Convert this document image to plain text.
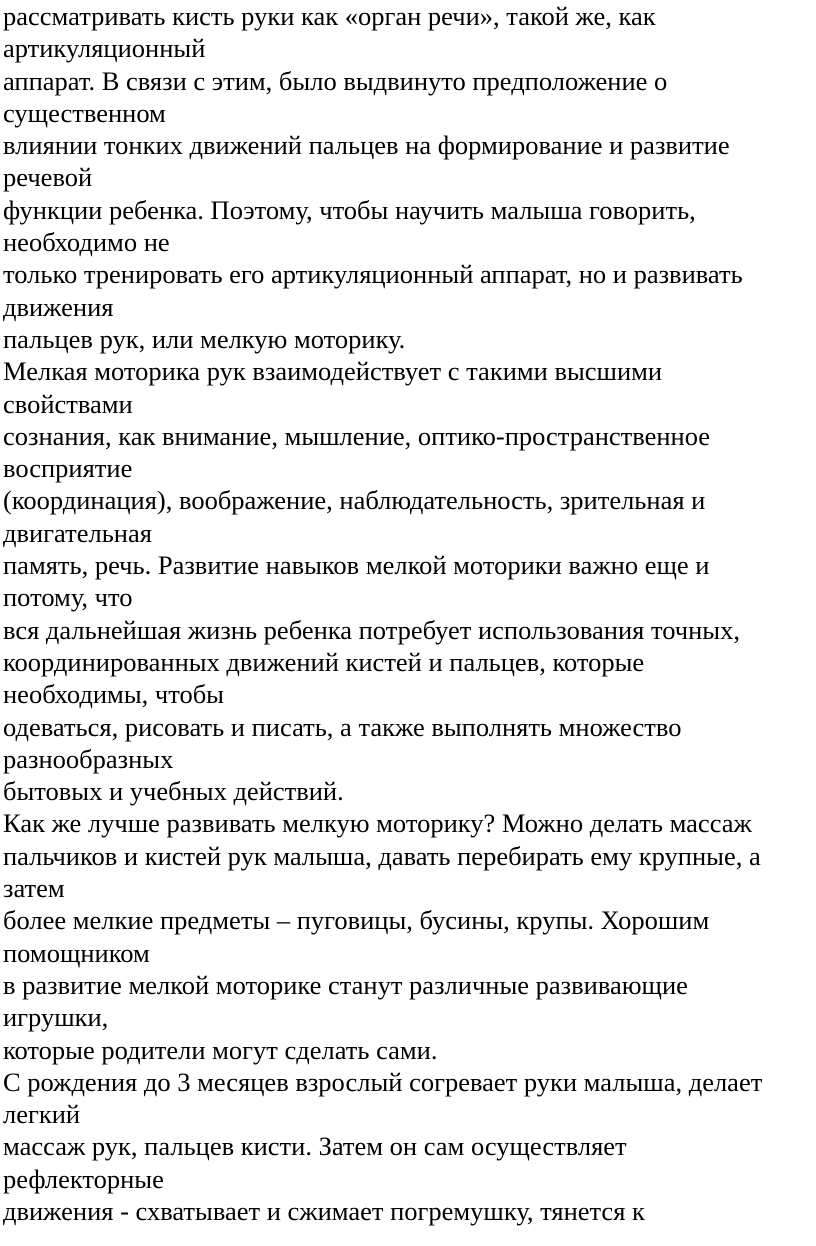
рассматривать кисть руки как «орган речи», такой же, как
артикуляционный
аппарат. В связи с этим, было выдвинуто предположение о
существенном
влиянии тонких движений пальцев на формирование и развитие
речевой
функции ребенка. Поэтому, чтобы научить малыша говорить,
необходимо не
только тренировать его артикуляционный аппарат, но и развивать
движения
пальцев рук, или мелкую моторику.
Мелкая моторика рук взаимодействует с такими высшими
свойствами
сознания, как внимание, мышление, оптико-пространственное
восприятие
(координация), воображение, наблюдательность, зрительная и
двигательная
память, речь. Развитие навыков мелкой моторики важно еще и
потому, что
вся дальнейшая жизнь ребенка потребует использования точных,
координированных движений кистей и пальцев, которые
необходимы, чтобы
одеваться, рисовать и писать, а также выполнять множество
разнообразных
бытовых и учебных действий.
Как же лучше развивать мелкую моторику? Можно делать массаж
пальчиков и кистей рук малыша, давать перебирать ему крупные, а
затем
более мелкие предметы – пуговицы, бусины, крупы. Хорошим
помощником
в развитие мелкой моторике станут различные развивающие
игрушки,
которые родители могут сделать сами.
С рождения до 3 месяцев взрослый согревает руки малыша, делает
легкий
массаж рук, пальцев кисти. Затем он сам осуществляет
рефлекторные
движения - схватывает и сжимает погремушку, тянется к
